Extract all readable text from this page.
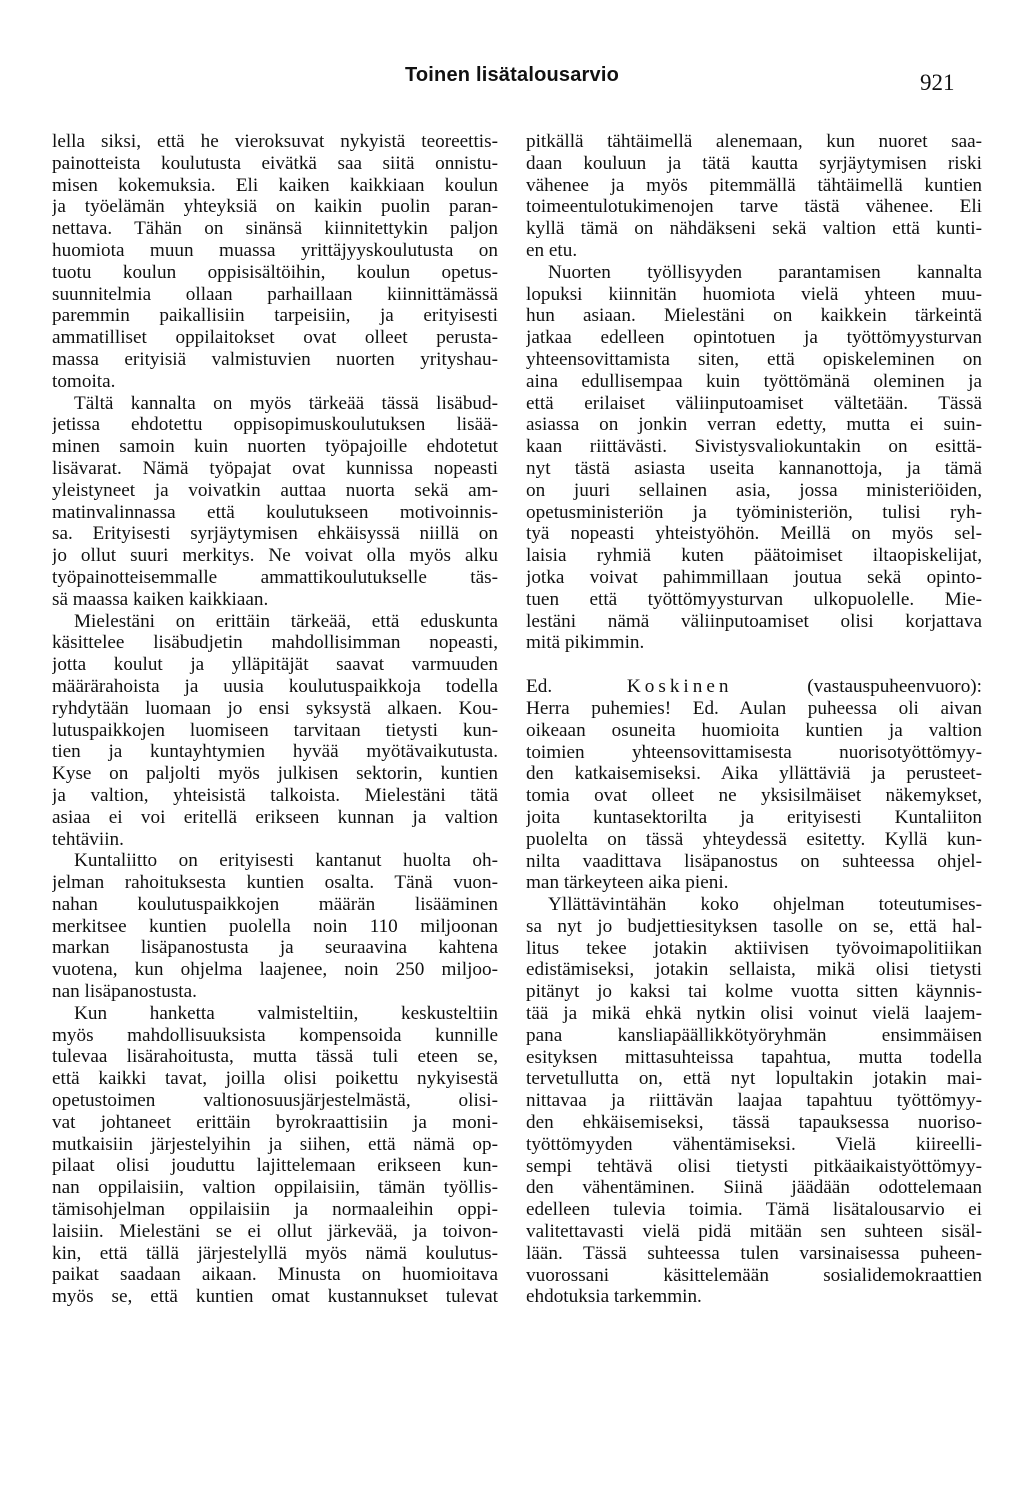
Toinen lisätalousarvio	921
lella siksi, että he vieroksuvat nykyistä teoreettis-
painotteista koulutusta eivätkä saa siitä onnistu-
misen kokemuksia. Eli kaiken kaikkiaan koulun
ja työelämän yhteyksiä on kaikin puolin paran-
nettava. Tähän on sinänsä kiinnitettykin paljon
huomiota muun muassa yrittäjyyskoulutusta on
tuotu koulun oppisisältöihin, koulun opetus-
suunnitelmia ollaan parhaillaan kiinnittämässä
paremmin paikallisiin tarpeisiin, ja erityisesti
ammatilliset oppilaitokset ovat olleet perusta-
massa erityisiä valmistuvien nuorten yrityshau-
tomoita.
Tältä kannalta on myös tärkeää tässä lisäbud-
jetissa ehdotettu oppisopimuskoulutuksen lisää-
minen samoin kuin nuorten työpajoille ehdotetut
lisävarat. Nämä työpajat ovat kunnissa nopeasti
yleistyneet ja voivatkin auttaa nuorta sekä am-
matinvalinnassa että koulutukseen motivoinnis-
sa. Erityisesti syrjäytymisen ehkäisyssä niillä on
jo ollut suuri merkitys. Ne voivat olla myös alku
työpainotteisemmalle ammattikoulutukselle täs-
sä maassa kaiken kaikkiaan.
Mielestäni on erittäin tärkeää, että eduskunta
käsittelee lisäbudjetin mahdollisimman nopeasti,
jotta koulut ja ylläpitäjät saavat varmuuden
määrärahoista ja uusia koulutuspaikkoja todella
ryhdytään luomaan jo ensi syksystä alkaen. Kou-
lutuspaikkojen luomiseen tarvitaan tietysti kun-
tien ja kuntayhtymien hyvää myötävaikutusta.
Kyse on paljolti myös julkisen sektorin, kuntien
ja valtion, yhteisistä talkoista. Mielestäni tätä
asiaa ei voi eritellä erikseen kunnan ja valtion
tehtäviin.
Kuntaliitto on erityisesti kantanut huolta oh-
jelman rahoituksesta kuntien osalta. Tänä vuon-
nahan koulutuspaikkojen määrän lisääminen
merkitsee kuntien puolella noin 110 miljoonan
markan lisäpanostusta ja seuraavina kahtena
vuotena, kun ohjelma laajenee, noin 250 miljoo-
nan lisäpanostusta.
Kun hanketta valmisteltiin, keskusteltiin
myös mahdollisuuksista kompensoida kunnille
tulevaa lisärahoitusta, mutta tässä tuli eteen se,
että kaikki tavat, joilla olisi poikettu nykyisestä
opetustoimen valtionosuusjärjestelmästä, olisi-
vat johtaneet erittäin byrokraattisiin ja moni-
mutkaisiin järjestelyihin ja siihen, että nämä op-
pilaat olisi jouduttu lajittelemaan erikseen kun-
nan oppilaisiin, valtion oppilaisiin, tämän työllis-
tämisohjelman oppilaisiin ja normaaleihin oppi-
laisiin. Mielestäni se ei ollut järkevää, ja toivon-
kin, että tällä järjestelyllä myös nämä koulutus-
paikat saadaan aikaan. Minusta on huomioitava
myös se, että kuntien omat kustannukset tulevat
pitkällä tähtäimellä alenemaan, kun nuoret saa-
daan kouluun ja tätä kautta syrjäytymisen riski
vähenee ja myös pitemmällä tähtäimellä kuntien
toimeentulotukimenojen tarve tästä vähenee. Eli
kyllä tämä on nähdäkseni sekä valtion että kunti-
en etu.
Nuorten työllisyyden parantamisen kannalta
lopuksi kiinnitän huomiota vielä yhteen muu-
hun asiaan. Mielestäni on kaikkein tärkeintä
jatkaa edelleen opintotuen ja työttömyysturvan
yhteensovittamista siten, että opiskeleminen on
aina edullisempaa kuin työttömänä oleminen ja
että erilaiset väliinputoamiset vältetään. Tässä
asiassa on jonkin verran edetty, mutta ei suin-
kaan riittävästi. Sivistysvaliokuntakin on esittä-
nyt tästä asiasta useita kannanottoja, ja tämä
on juuri sellainen asia, jossa ministeriöiden,
opetusministeriön ja työministeriön, tulisi ryh-
tyä nopeasti yhteistyöhön. Meillä on myös sel-
laisia ryhmiä kuten päätoimiset iltaopiskelijat,
jotka voivat pahimmillaan joutua sekä opinto-
tuen että työttömyysturvan ulkopuolelle. Mie-
lestäni nämä väliinputoamiset olisi korjattava
mitä pikimmin.
Ed.	Koskinen	(vastauspuheenvuoro):
Herra puhemies! Ed. Aulan puheessa oli aivan
oikeaan osuneita huomioita kuntien ja valtion
toimien yhteensovittamisesta nuorisotyöttömyy-
den katkaisemiseksi. Aika yllättäviä ja perusteet-
tomia ovat olleet ne yksisilmäiset näkemykset,
joita kuntasektorilta ja erityisesti Kuntaliiton
puolelta on tässä yhteydessä esitetty. Kyllä kun-
nilta vaadittava lisäpanostus on suhteessa ohjel-
man tärkeyteen aika pieni.
Yllättävintähän koko ohjelman toteutumises-
sa nyt jo budjettiesityksen tasolle on se, että hal-
litus tekee jotakin aktiivisen työvoimapolitiikan
edistämiseksi, jotakin sellaista, mikä olisi tietysti
pitänyt jo kaksi tai kolme vuotta sitten käynnis-
tää ja mikä ehkä nytkin olisi voinut vielä laajem-
pana kansliapäällikkötyöryhmän ensimmäisen
esityksen mittasuhteissa tapahtua, mutta todella
tervetullutta on, että nyt lopultakin jotakin mai-
nittavaa ja riittävän laajaa tapahtuu työttömyy-
den ehkäisemiseksi, tässä tapauksessa nuoriso-
työttömyyden vähentämiseksi. Vielä kiireelli-
sempi tehtävä olisi tietysti pitkäaikaistyöttömyy-
den vähentäminen. Siinä jäädään odottelemaan
edelleen tulevia toimia. Tämä lisätalousarvio ei
valitettavasti vielä pidä mitään sen suhteen sisäl-
lään. Tässä suhteessa tulen varsinaisessa puheen-
vuorossani käsittelemään sosialidemokraattien
ehdotuksia tarkemmin.
